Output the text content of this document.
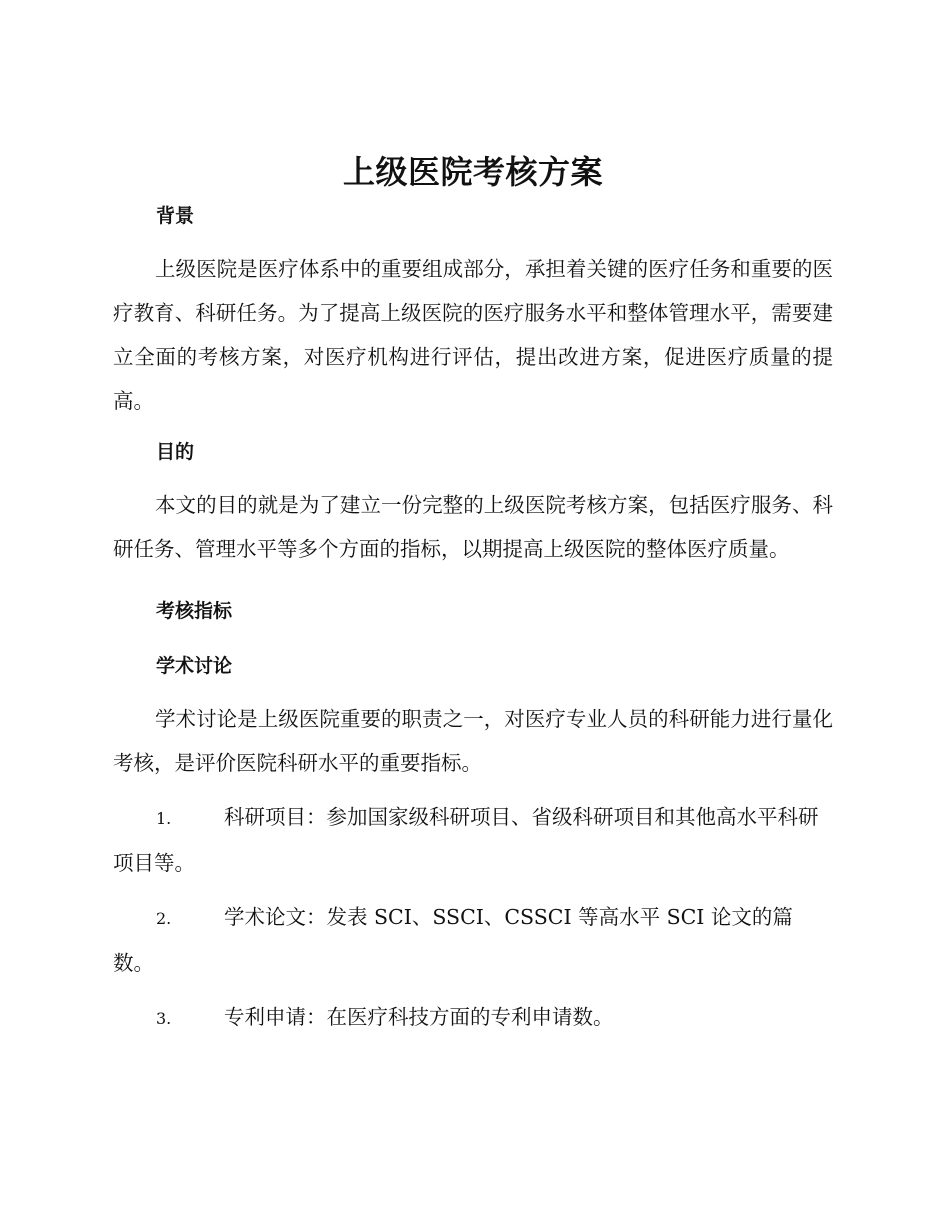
上级医院考核方案
背景

上级医院是医疗体系中的重要组成部分，承担着关键的医疗任务和重要的医疗教育、科研任务。为了提高上级医院的医疗服务水平和整体管理水平，需要建立全面的考核方案，对医疗机构进行评估，提出改进方案，促进医疗质量的提高。

目的

本文的目的就是为了建立一份完整的上级医院考核方案，包括医疗服务、科研任务、管理水平等多个方面的指标，以期提高上级医院的整体医疗质量。

考核指标
学术讨论

学术讨论是上级医院重要的职责之一，对医疗专业人员的科研能力进行量化考核，是评价医院科研水平的重要指标。

1.	科研项目：参加国家级科研项目、省级科研项目和其他高水平科研项目等。

2.	学术论文：发表 SCI、SSCI、CSSCI 等高水平 SCI 论文的篇数。

3.	专利申请：在医疗科技方面的专利申请数。
